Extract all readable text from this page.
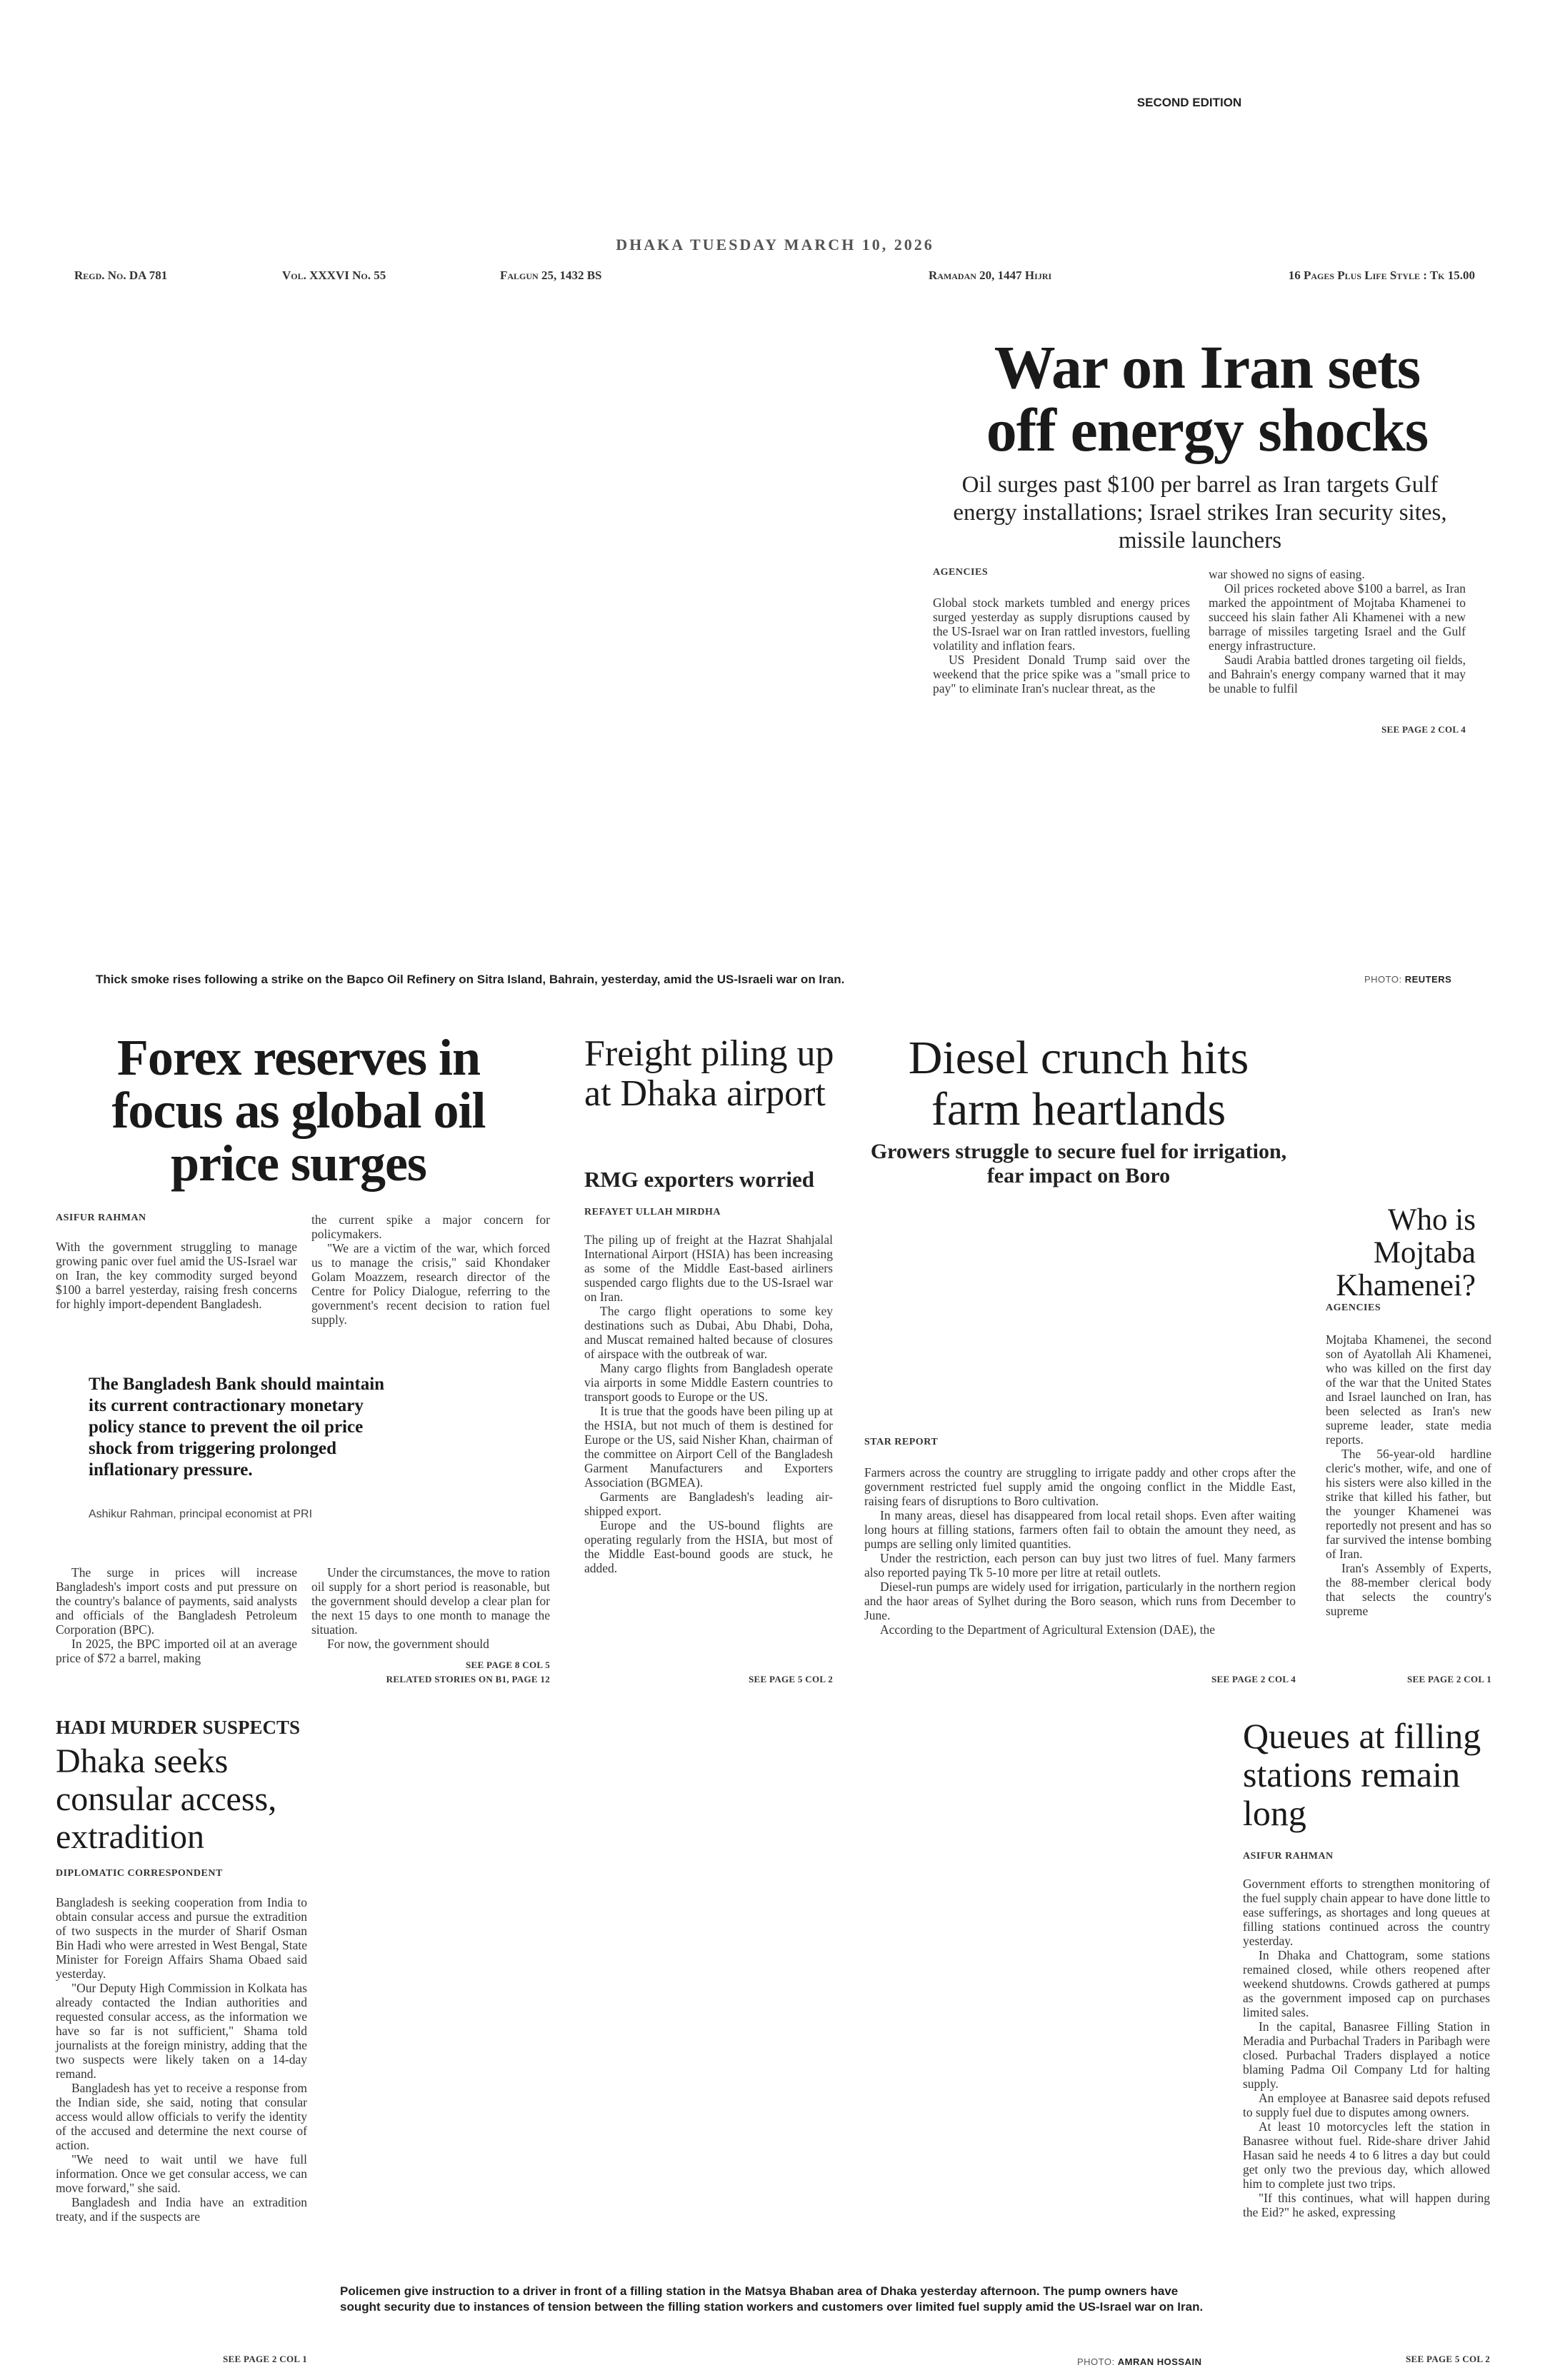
SECOND EDITION
DHAKA TUESDAY MARCH 10, 2026
Regd. No. DA 781	Vol. XXXVI No. 55	Falgun 25, 1432 BS	Ramadan 20, 1447 Hijri	16 Pages Plus Life Style : Tk 15.00
War on Iran sets
off energy shocks
Oil surges past $100 per barrel as Iran targets Gulf energy installations; Israel strikes Iran security sites, missile launchers
AGENCIES

Global stock markets tumbled and energy prices surged yesterday as supply disruptions caused by the US-Israel war on Iran rattled investors, fuelling volatility and inflation fears.

US President Donald Trump said over the weekend that the price spike was a "small price to pay" to eliminate Iran's nuclear threat, as the

war showed no signs of easing.

Oil prices rocketed above $100 a barrel, as Iran marked the appointment of Mojtaba Khamenei to succeed his slain father Ali Khamenei with a new barrage of missiles targeting Israel and the Gulf energy infrastructure.

Saudi Arabia battled drones targeting oil fields, and Bahrain's energy company warned that it may be unable to fulfil

SEE PAGE 2 COL 4
Thick smoke rises following a strike on the Bapco Oil Refinery on Sitra Island, Bahrain, yesterday, amid the US-Israeli war on Iran.	PHOTO: REUTERS
Forex reserves in focus as global oil price surges
ASIFUR RAHMAN

With the government struggling to manage growing panic over fuel amid the US-Israel war on Iran, the key commodity surged beyond $100 a barrel yesterday, raising fresh concerns for highly import-dependent Bangladesh.

the current spike a major concern for policymakers.

"We are a victim of the war, which forced us to manage the crisis," said Khondaker Golam Moazzem, research director of the Centre for Policy Dialogue, referring to the government's recent decision to ration fuel supply.

The Bangladesh Bank should maintain its current contractionary monetary policy stance to prevent the oil price shock from triggering prolonged inflationary pressure.
Ashikur Rahman, principal economist at PRI

The surge in prices will increase Bangladesh's import costs and put pressure on the country's balance of payments, said analysts and officials of the Bangladesh Petroleum Corporation (BPC).

In 2025, the BPC imported oil at an average price of $72 a barrel, making

Under the circumstances, the move to ration oil supply for a short period is reasonable, but the government should develop a clear plan for the next 15 days to one month to manage the situation.

For now, the government should

SEE PAGE 8 COL 5
RELATED STORIES ON B1, PAGE 12
Freight piling up at Dhaka airport
RMG exporters worried
REFAYET ULLAH MIRDHA

The piling up of freight at the Hazrat Shahjalal International Airport (HSIA) has been increasing as some of the Middle East-based airliners suspended cargo flights due to the US-Israel war on Iran.

The cargo flight operations to some key destinations such as Dubai, Abu Dhabi, Doha, and Muscat remained halted because of closures of airspace with the outbreak of war.

Many cargo flights from Bangladesh operate via airports in some Middle Eastern countries to transport goods to Europe or the US.

It is true that the goods have been piling up at the HSIA, but not much of them is destined for Europe or the US, said Nisher Khan, chairman of the committee on Airport Cell of the Bangladesh Garment Manufacturers and Exporters Association (BGMEA).

Garments are Bangladesh's leading air-shipped export.

Europe and the US-bound flights are operating regularly from the HSIA, but most of the Middle East-bound goods are stuck, he added.

SEE PAGE 5 COL 2
Diesel crunch hits farm heartlands
Growers struggle to secure fuel for irrigation, fear impact on Boro
STAR REPORT

Farmers across the country are struggling to irrigate paddy and other crops after the government restricted fuel supply amid the ongoing conflict in the Middle East, raising fears of disruptions to Boro cultivation.

In many areas, diesel has disappeared from local retail shops. Even after waiting long hours at filling stations, farmers often fail to obtain the amount they need, as pumps are selling only limited quantities.

Under the restriction, each person can buy just two litres of fuel. Many farmers also reported paying Tk 5-10 more per litre at retail outlets.

Diesel-run pumps are widely used for irrigation, particularly in the northern region and the haor areas of Sylhet during the Boro season, which runs from December to June.

According to the Department of Agricultural Extension (DAE), the

SEE PAGE 2 COL 4
Who is Mojtaba Khamenei?
AGENCIES

Mojtaba Khamenei, the second son of Ayatollah Ali Khamenei, who was killed on the first day of the war that the United States and Israel launched on Iran, has been selected as Iran's new supreme leader, state media reports.

The 56-year-old hardline cleric's mother, wife, and one of his sisters were also killed in the strike that killed his father, but the younger Khamenei was reportedly not present and has so far survived the intense bombing of Iran.

Iran's Assembly of Experts, the 88-member clerical body that selects the country's supreme

SEE PAGE 2 COL 1
HADI MURDER SUSPECTS
Dhaka seeks consular access, extradition
DIPLOMATIC CORRESPONDENT

Bangladesh is seeking cooperation from India to obtain consular access and pursue the extradition of two suspects in the murder of Sharif Osman Bin Hadi who were arrested in West Bengal, State Minister for Foreign Affairs Shama Obaed said yesterday.

"Our Deputy High Commission in Kolkata has already contacted the Indian authorities and requested consular access, as the information we have so far is not sufficient," Shama told journalists at the foreign ministry, adding that the two suspects were likely taken on a 14-day remand.

Bangladesh has yet to receive a response from the Indian side, she said, noting that consular access would allow officials to verify the identity of the accused and determine the next course of action.

"We need to wait until we have full information. Once we get consular access, we can move forward," she said.

Bangladesh and India have an extradition treaty, and if the suspects are

SEE PAGE 2 COL 1
Policemen give instruction to a driver in front of a filling station in the Matsya Bhaban area of Dhaka yesterday afternoon. The pump owners have sought security due to instances of tension between the filling station workers and customers over limited fuel supply amid the US-Israel war on Iran.
PHOTO: AMRAN HOSSAIN
Queues at filling stations remain long
ASIFUR RAHMAN

Government efforts to strengthen monitoring of the fuel supply chain appear to have done little to ease sufferings, as shortages and long queues at filling stations continued across the country yesterday.

In Dhaka and Chattogram, some stations remained closed, while others reopened after weekend shutdowns. Crowds gathered at pumps as the government imposed cap on purchases limited sales.

In the capital, Banasree Filling Station in Meradia and Purbachal Traders in Paribagh were closed. Purbachal Traders displayed a notice blaming Padma Oil Company Ltd for halting supply.

An employee at Banasree said depots refused to supply fuel due to disputes among owners.

At least 10 motorcycles left the station in Banasree without fuel. Ride-share driver Jahid Hasan said he needs 4 to 6 litres a day but could get only two the previous day, which allowed him to complete just two trips.

"If this continues, what will happen during the Eid?" he asked, expressing

SEE PAGE 5 COL 2
